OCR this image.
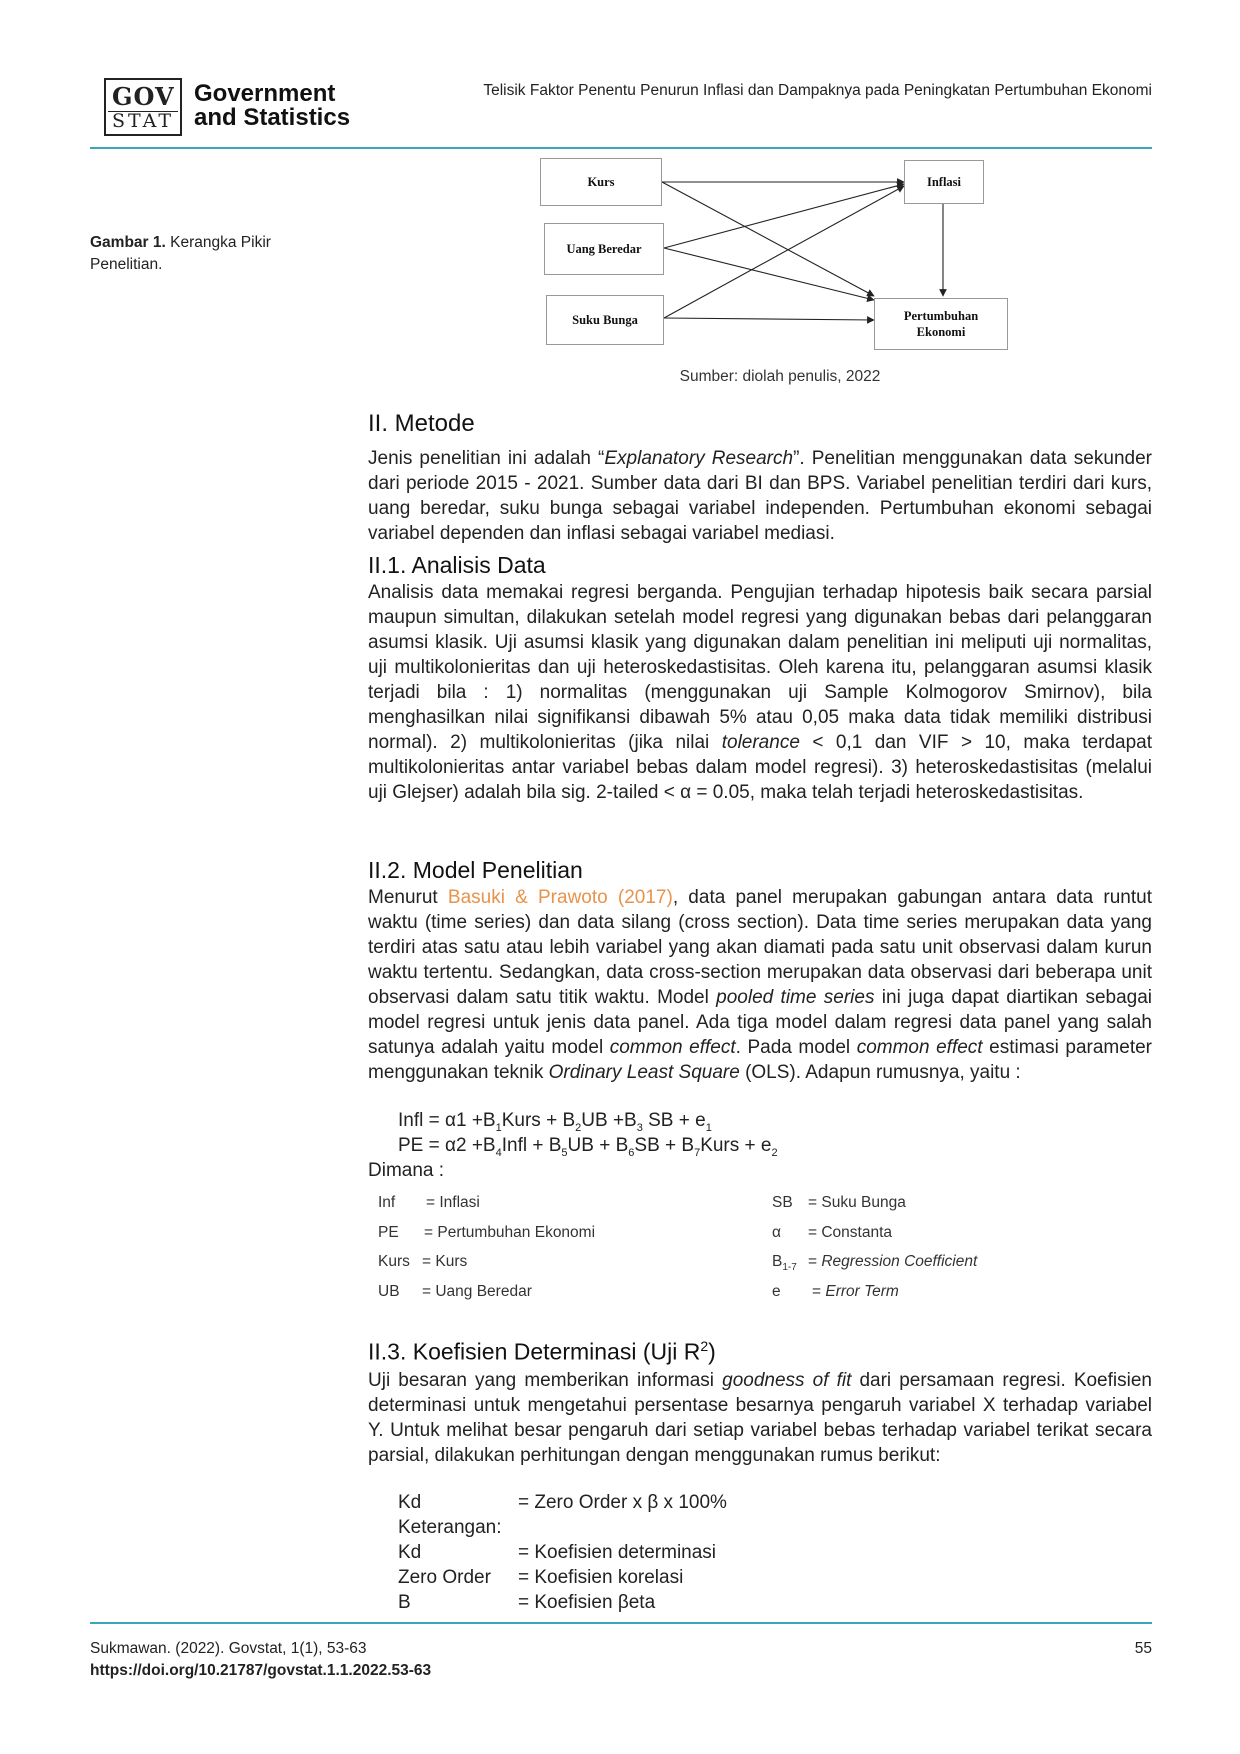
GOV
STAT
Government
and Statistics
Telisik Faktor Penentu Penurun Inflasi dan Dampaknya pada Peningkatan Pertumbuhan Ekonomi
Gambar 1. Kerangka Pikir Penelitian.
Kurs
Uang Beredar
Suku Bunga
Inflasi
Pertumbuhan Ekonomi
Sumber: diolah penulis, 2022
II. Metode
Jenis penelitian ini adalah “Explanatory Research”. Penelitian menggunakan data sekunder dari periode 2015 - 2021. Sumber data dari BI dan BPS. Variabel penelitian terdiri dari kurs, uang beredar, suku bunga sebagai variabel independen. Pertumbuhan ekonomi sebagai variabel dependen dan inflasi sebagai variabel mediasi.
II.1. Analisis Data
Analisis data memakai regresi berganda. Pengujian terhadap hipotesis baik secara parsial maupun simultan, dilakukan setelah model regresi yang digunakan bebas dari pelanggaran asumsi klasik. Uji asumsi klasik yang digunakan dalam penelitian ini meliputi uji normalitas, uji multikolonieritas dan uji heteroskedastisitas. Oleh karena itu, pelanggaran asumsi klasik terjadi bila : 1) normalitas (menggunakan uji Sample Kolmogorov Smirnov), bila menghasilkan nilai signifikansi dibawah 5% atau 0,05 maka data tidak memiliki distribusi normal). 2) multikolonieritas (jika nilai tolerance < 0,1 dan VIF > 10, maka terdapat multikolonieritas antar variabel bebas dalam model regresi). 3) heteroskedastisitas (melalui uji Glejser) adalah bila sig. 2-tailed < α = 0.05, maka telah terjadi heteroskedastisitas.
II.2. Model Penelitian
Menurut Basuki & Prawoto (2017), data panel merupakan gabungan antara data runtut waktu (time series) dan data silang (cross section). Data time series merupakan data yang terdiri atas satu atau lebih variabel yang akan diamati pada satu unit observasi dalam kurun waktu tertentu. Sedangkan, data cross-section merupakan data observasi dari beberapa unit observasi dalam satu titik waktu. Model pooled time series ini juga dapat diartikan sebagai model regresi untuk jenis data panel. Ada tiga model dalam regresi data panel yang salah satunya adalah yaitu model common effect. Pada model common effect estimasi parameter menggunakan teknik Ordinary Least Square (OLS). Adapun rumusnya, yaitu :
Infl = $\alpha 1 +B_1Kurs + B_2UB +B_3$ SB + $e_1$
PE = $\alpha 2 +B_4Infl + B_5UB + B_6SB$ + $B_7Kurs + e_2$
Dimana :
Inf = Inflasi	SB = Suku Bunga
PE = Pertumbuhan Ekonomi	α = Constanta
Kurs = Kurs	$B_{1-7}$ = Regression Coefficient
UB = Uang Beredar	e = Error Term
II.3. Koefisien Determinasi (Uji $R^2$)
Uji besaran yang memberikan informasi goodness of fit dari persamaan regresi. Koefisien determinasi untuk mengetahui persentase besarnya pengaruh variabel X terhadap variabel Y. Untuk melihat besar pengaruh dari setiap variabel bebas terhadap variabel terikat secara parsial, dilakukan perhitungan dengan menggunakan rumus berikut:
Kd	= Zero Order x β x 100%
Keterangan:
Kd	= Koefisien determinasi
Zero Order = Koefisien korelasi
B	= Koefisien βeta
Sukmawan. (2022). Govstat, 1(1), 53-63
https://doi.org/10.21787/govstat.1.1.2022.53-63
55
